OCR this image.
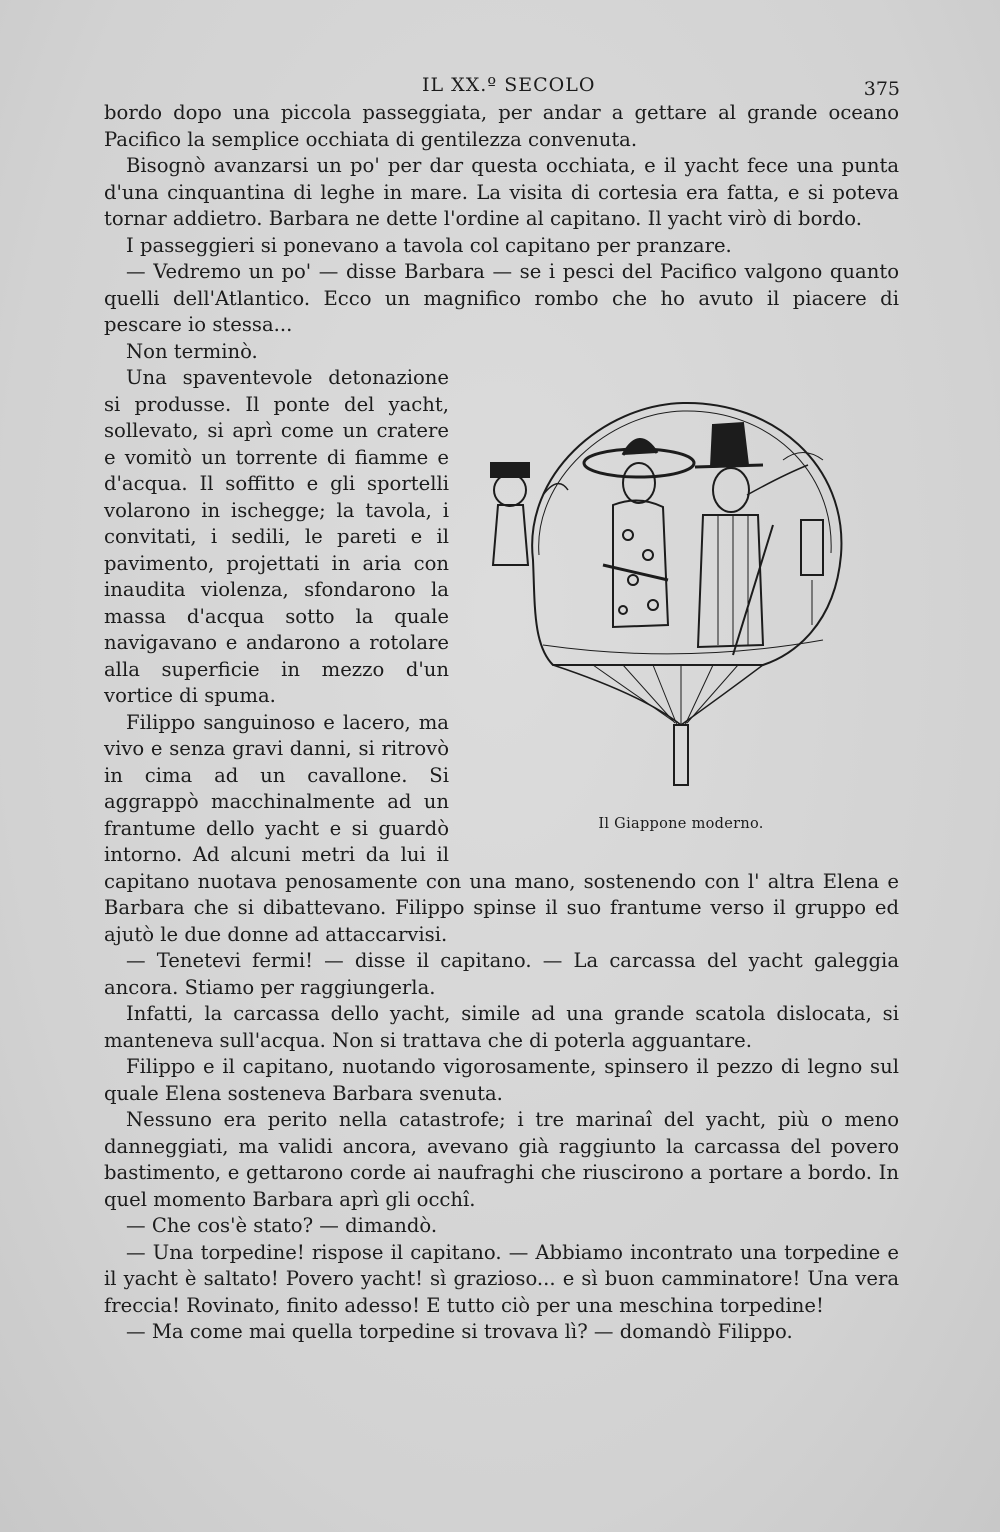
IL XX.º SECOLO	375

bordo dopo una piccola passeggiata, per andar a gettare al grande oceano Pacifico la semplice occhiata di gentilezza convenuta.

Bisognò avanzarsi un po' per dar questa occhiata, e il yacht fece una punta d'una cinquantina di leghe in mare. La visita di cortesia era fatta, e si poteva tornar addietro. Barbara ne dette l'ordine al capitano. Il yacht virò di bordo.

I passeggieri si ponevano a tavola col capitano per pranzare.

— Vedremo un po' — disse Barbara — se i pesci del Pacifico valgono quanto quelli dell'Atlantico. Ecco un magnifico rombo che ho avuto il piacere di pescare io stessa...

Non terminò.

Il Giappone moderno.

Una spaventevole detonazione si produsse. Il ponte del yacht, sollevato, si aprì come un cratere e vomitò un torrente di fiamme e d'acqua. Il soffitto e gli sportelli volarono in ischegge; la tavola, i convitati, i sedili, le pareti e il pavimento, projettati in aria con inaudita violenza, sfondarono la massa d'acqua sotto la quale navigavano e andarono a rotolare alla superficie in mezzo d'un vortice di spuma.

Filippo sanguinoso e lacero, ma vivo e senza gravi danni, si ritrovò in cima ad un cavallone. Si aggrappò macchinalmente ad un frantume dello yacht e si guardò intorno. Ad alcuni metri da lui il capitano nuotava penosamente con una mano, sostenendo con l' altra Elena e Barbara che si dibattevano. Filippo spinse il suo frantume verso il gruppo ed ajutò le due donne ad attaccarvisi.

— Tenetevi fermi! — disse il capitano. — La carcassa del yacht galeggia ancora. Stiamo per raggiungerla.

Infatti, la carcassa dello yacht, simile ad una grande scatola dislocata, si manteneva sull'acqua. Non si trattava che di poterla agguantare.

Filippo e il capitano, nuotando vigorosamente, spinsero il pezzo di legno sul quale Elena sosteneva Barbara svenuta.

Nessuno era perito nella catastrofe; i tre marinaî del yacht, più o meno danneggiati, ma validi ancora, avevano già raggiunto la carcassa del povero bastimento, e gettarono corde ai naufraghi che riuscirono a portare a bordo. In quel momento Barbara aprì gli occhî.

— Che cos'è stato? — dimandò.

— Una torpedine! rispose il capitano. — Abbiamo incontrato una torpedine e il yacht è saltato! Povero yacht! sì grazioso... e sì buon camminatore! Una vera freccia! Rovinato, finito adesso! E tutto ciò per una meschina torpedine!

— Ma come mai quella torpedine si trovava lì? — domandò Filippo.
